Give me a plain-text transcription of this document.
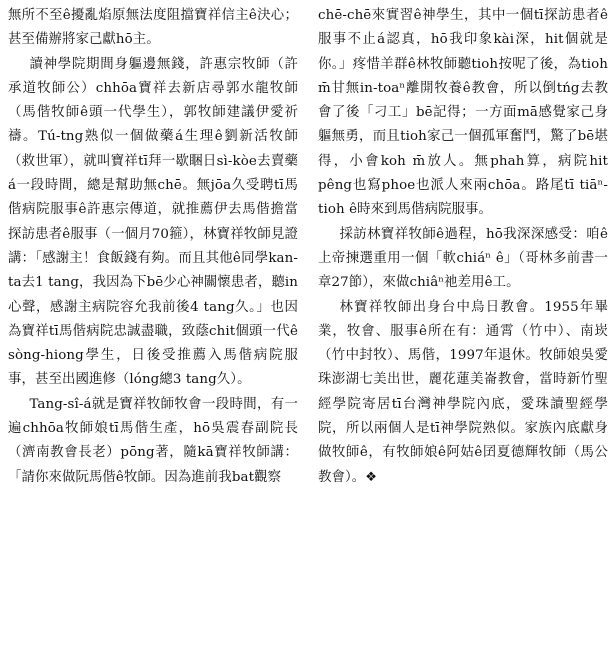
無所不至ê擾亂焰原無法度阻擋寶祥信主ê決心；甚至備辦將家己獻hō主。

讀神學院期間身軀邊無錢，許惠宗牧師（許承道牧師公）chhōa寶祥去新店尋郭水龍牧師（馬偕牧師ê頭一代學生），郭牧師建議伊愛祈禱。Tú-tng熟似一個做藥á生理ê劉新活牧師（救世軍），就叫寶祥tī拜一歇睏日sì-kòe去賣藥á一段時間，總是幫助無chē。無jōa久受聘tī馬偕病院服事ê許惠宗傳道，就推薦伊去馬偕擔當探訪患者ê服事（一個月70箍），林寶祥牧師見證講：「感謝主！食飯錢有夠。而且其他ê同學kan-ta去1 tang，我因為下bē少心神關懷患者，聽in心聲，感謝主病院容允我前後4 tang久。」也因為寶祥tī馬偕病院忠誠盡職，致蔭chit個頭一代ê sòng-hiong學生，日後受推薦入馬偕病院服事，甚至出國進修（lóng總3 tang久）。

Tang-sî-á就是寶祥牧師牧會一段時間，有一遍chhōa牧師娘tī馬偕生產，hō吳震春副院長（濟南教會長老）pōng著，隨kā寶祥牧師講：「請你來做阮馬偕ê牧師。因為進前我bat觀察

chē-chē來實習ê神學生，其中一個tī探訪患者ê服事不止á認真，hō我印象kài深，hit個就是你。」疼惜羊群ê林牧師聽tioh按呢了後，為tioh m̄甘無in-toaⁿ離開牧養ê教會，所以倒tńg去教會了後「刁工」bē記得；一方面mā感覺家己身軀無勇，而且tioh家己一個孤軍奮鬥，驚了bē堪得，小會koh m̄放人。無phah算，病院hit pêng也寫phoe也派人來兩chōa。路尾tī tiāⁿ-tioh ê時來到馬偕病院服事。

採訪林寶祥牧師ê過程，hō我深深感受：咱ê上帝揀選重用一個「軟chiáⁿ ê」（哥林多前書一章27節），來做chiâⁿ祂差用ê工。

林寶祥牧師出身台中烏日教會。1955年畢業，牧會、服事ê所在有：通霄（竹中）、南崁（竹中封牧）、馬偕，1997年退休。牧師娘吳愛珠澎湖七美出世，麗花蓮美崙教會，當時新竹聖經學院寄居tī台灣神學院內底，愛珠讀聖經學院，所以兩個人是tī神學院熟似。家族內底獻身做牧師ê，有牧師娘ê阿姑ê囝夏德輝牧師（馬公教會）。❖
